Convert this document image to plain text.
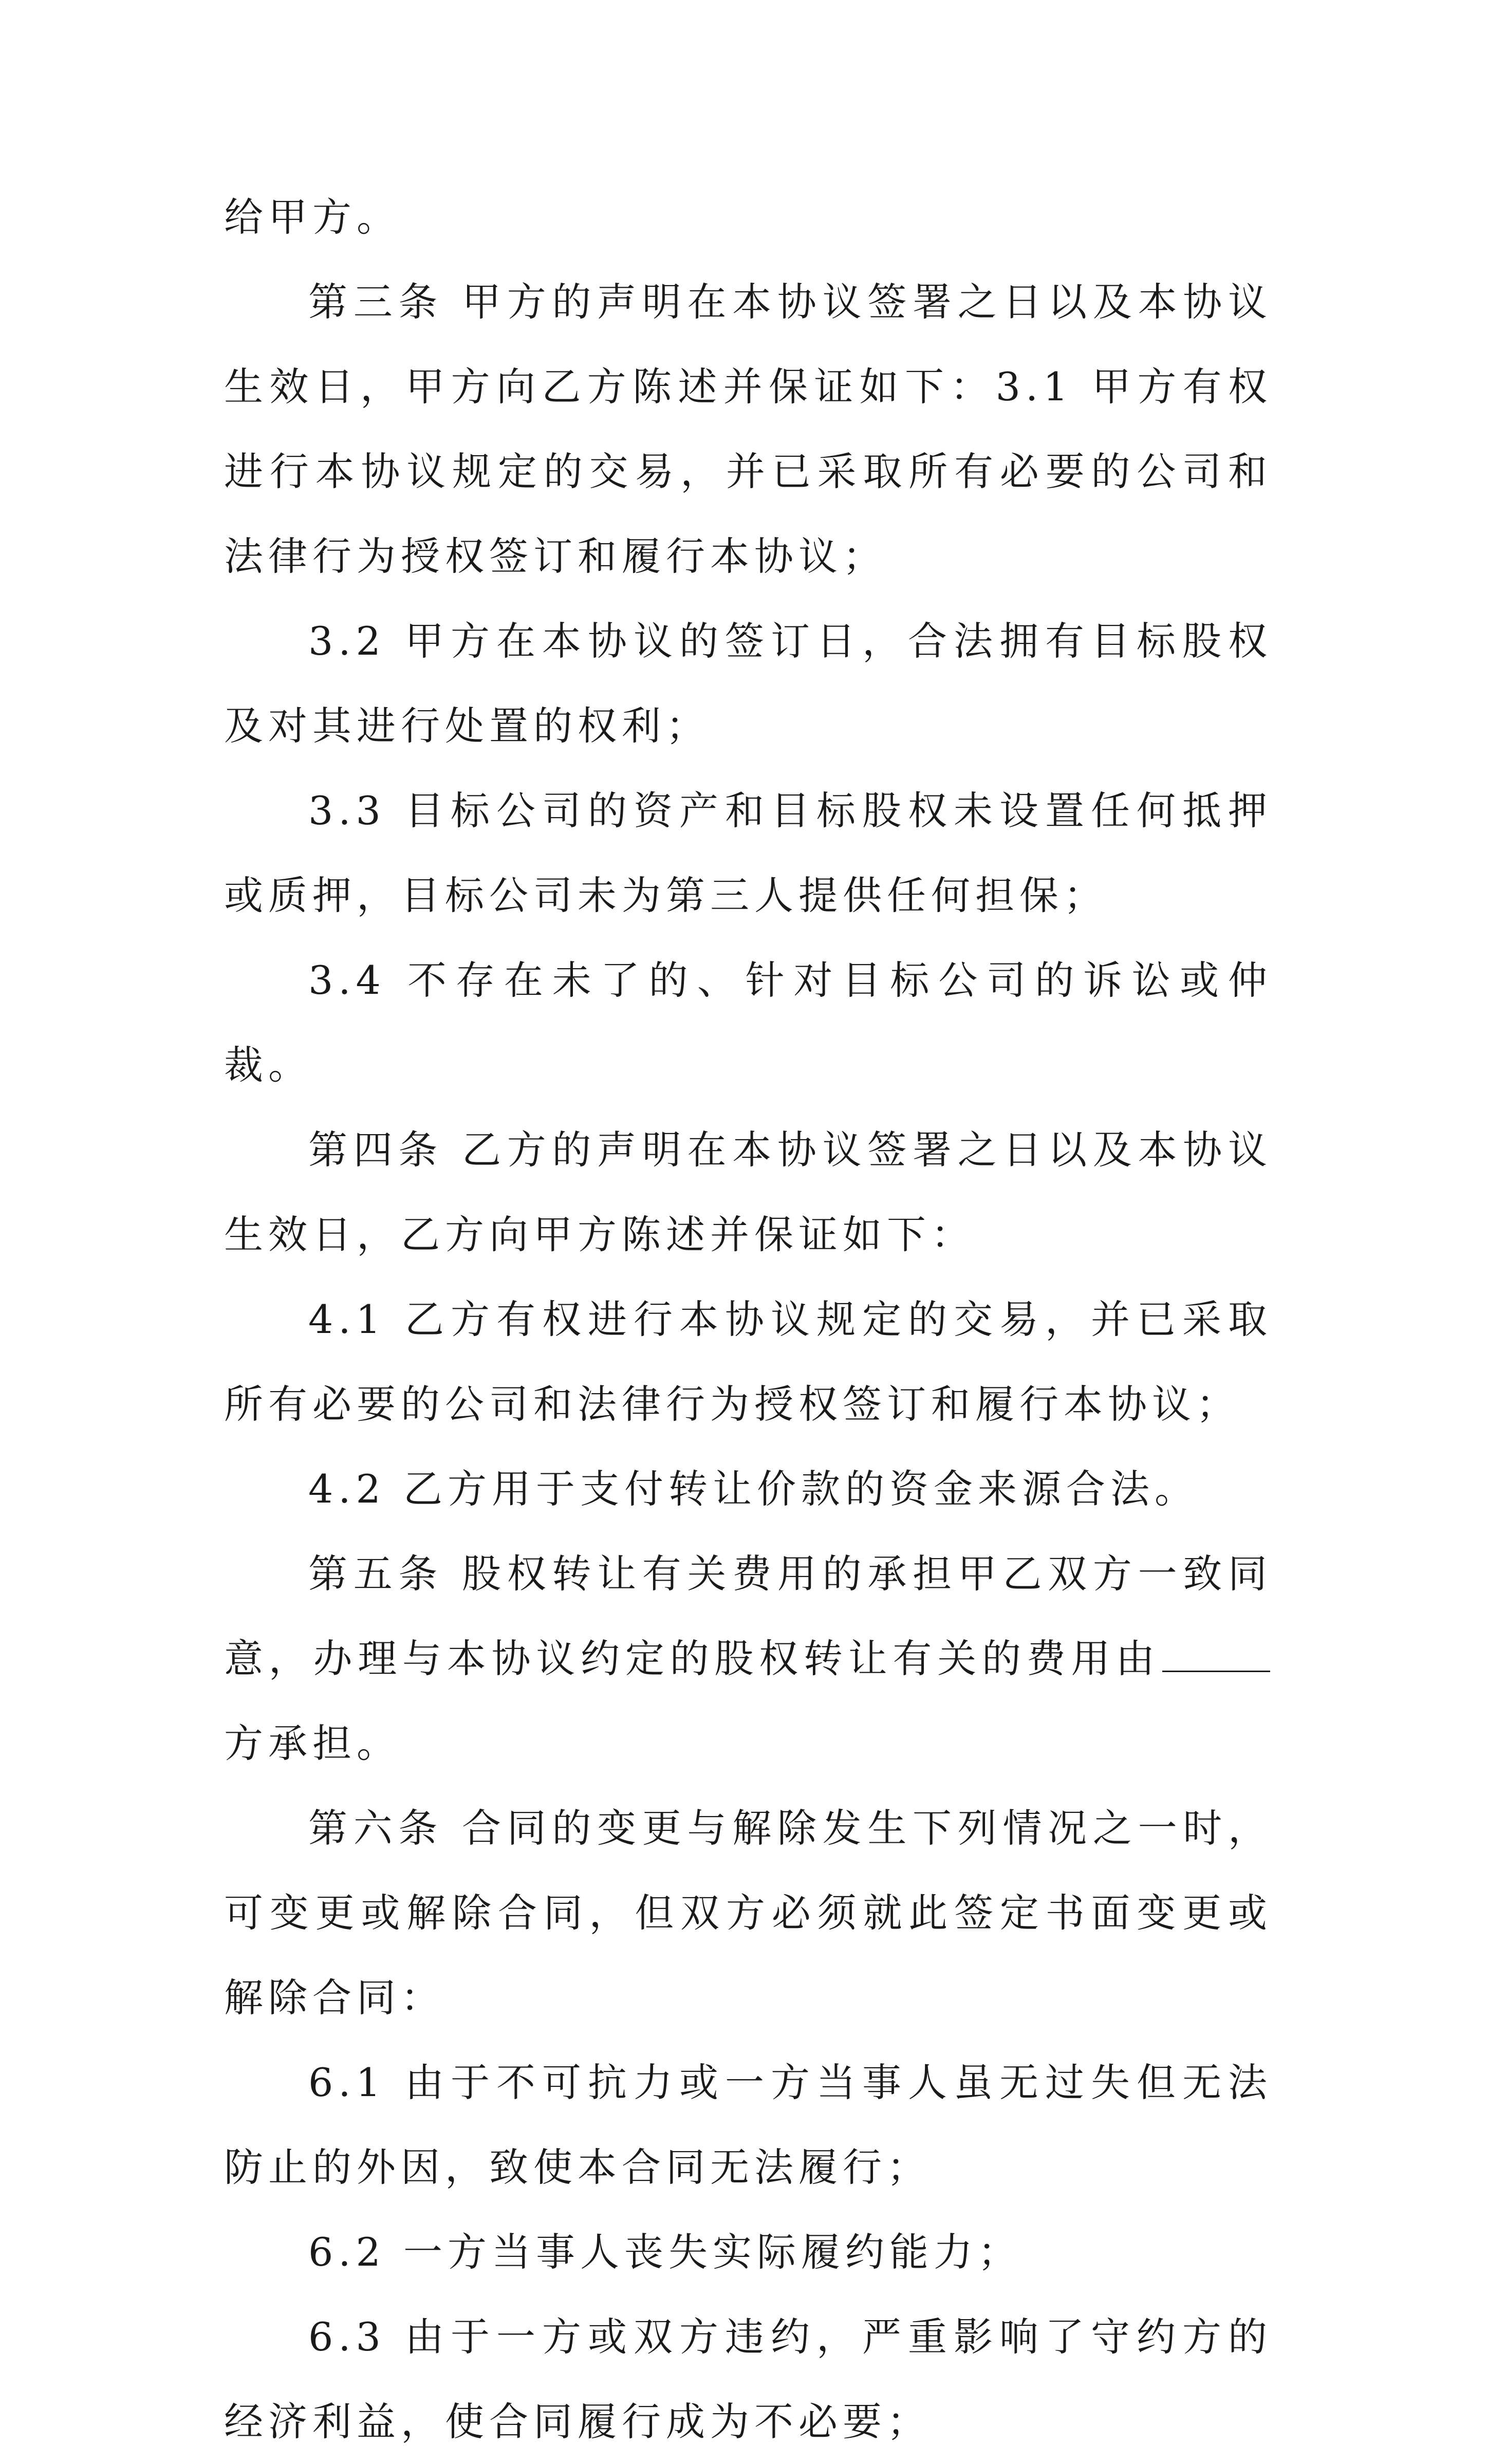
给甲方。

第三条 甲方的声明在本协议签署之日以及本协议生效日，甲方向乙方陈述并保证如下：3.1 甲方有权进行本协议规定的交易，并已采取所有必要的公司和法律行为授权签订和履行本协议；

3.2 甲方在本协议的签订日，合法拥有目标股权及对其进行处置的权利；

3.3 目标公司的资产和目标股权未设置任何抵押或质押，目标公司未为第三人提供任何担保；

3.4 不存在未了的、针对目标公司的诉讼或仲裁。

第四条 乙方的声明在本协议签署之日以及本协议生效日，乙方向甲方陈述并保证如下：

4.1 乙方有权进行本协议规定的交易，并已采取所有必要的公司和法律行为授权签订和履行本协议；

4.2 乙方用于支付转让价款的资金来源合法。

第五条 股权转让有关费用的承担甲乙双方一致同意，办理与本协议约定的股权转让有关的费用由方承担。

第六条 合同的变更与解除发生下列情况之一时，可变更或解除合同，但双方必须就此签定书面变更或解除合同：

6.1 由于不可抗力或一方当事人虽无过失但无法防止的外因，致使本合同无法履行；

6.2 一方当事人丧失实际履约能力；

6.3 由于一方或双方违约，严重影响了守约方的经济利益，使合同履行成为不必要；
